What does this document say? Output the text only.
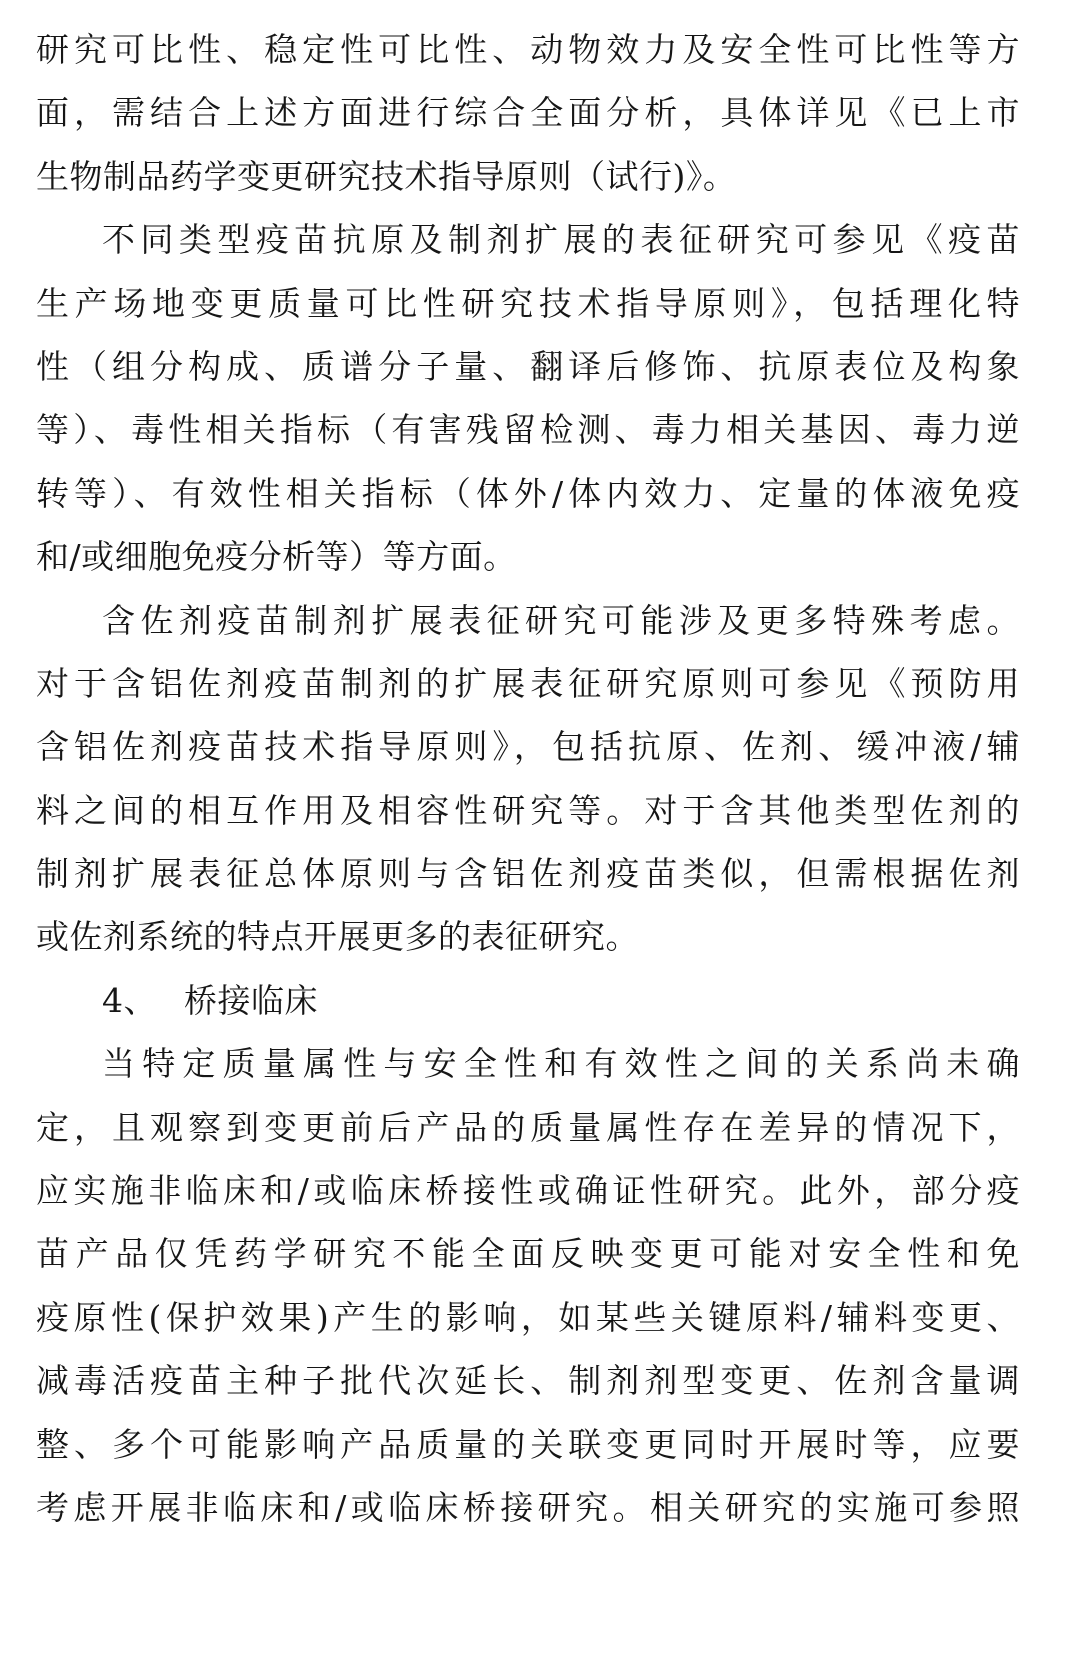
研究可比性、稳定性可比性、动物效力及安全性可比性等方
面，需结合上述方面进行综合全面分析，具体详见《已上市
生物制品药学变更研究技术指导原则（试行)》。
不同类型疫苗抗原及制剂扩展的表征研究可参见《疫苗
生产场地变更质量可比性研究技术指导原则》，包括理化特
性（组分构成、质谱分子量、翻译后修饰、抗原表位及构象
等）、毒性相关指标（有害残留检测、毒力相关基因、毒力逆
转等）、有效性相关指标（体外/体内效力、定量的体液免疫
和/或细胞免疫分析等）等方面。
含佐剂疫苗制剂扩展表征研究可能涉及更多特殊考虑。
对于含铝佐剂疫苗制剂的扩展表征研究原则可参见《预防用
含铝佐剂疫苗技术指导原则》，包括抗原、佐剂、缓冲液/辅
料之间的相互作用及相容性研究等。对于含其他类型佐剂的
制剂扩展表征总体原则与含铝佐剂疫苗类似，但需根据佐剂
或佐剂系统的特点开展更多的表征研究。
4、 桥接临床
当特定质量属性与安全性和有效性之间的关系尚未确
定，且观察到变更前后产品的质量属性存在差异的情况下，
应实施非临床和/或临床桥接性或确证性研究。此外，部分疫
苗产品仅凭药学研究不能全面反映变更可能对安全性和免
疫原性(保护效果)产生的影响，如某些关键原料/辅料变更、
减毒活疫苗主种子批代次延长、制剂剂型变更、佐剂含量调
整、多个可能影响产品质量的关联变更同时开展时等，应要
考虑开展非临床和/或临床桥接研究。相关研究的实施可参照
